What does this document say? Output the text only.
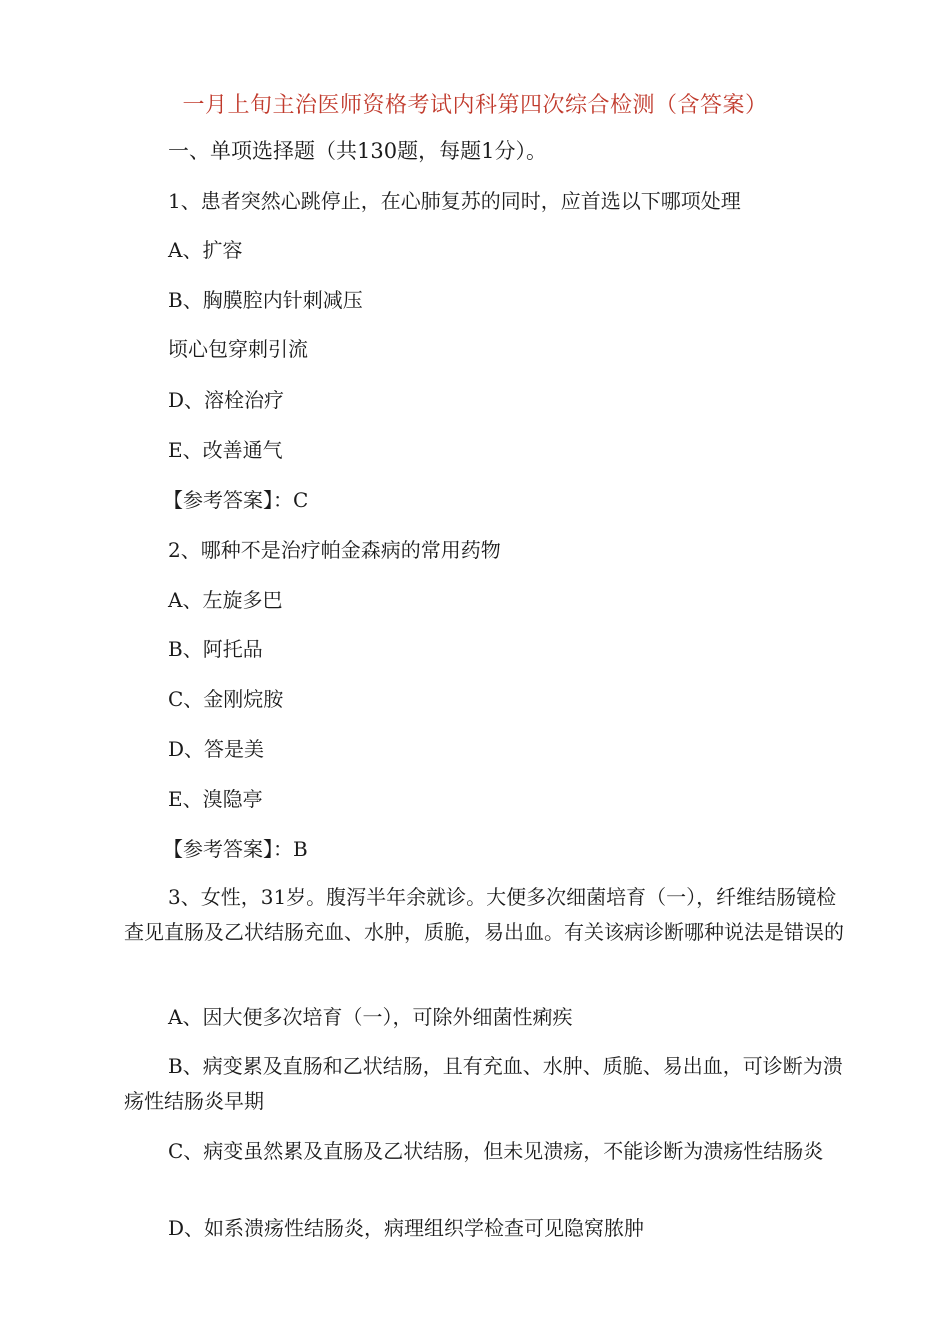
一月上旬主治医师资格考试内科第四次综合检测（含答案）
一、单项选择题（共130题，每题1分）。
1、患者突然心跳停止，在心肺复苏的同时，应首选以下哪项处理
A、扩容
B、胸膜腔内针刺减压
顷心包穿刺引流
D、溶栓治疗
E、改善通气
【参考答案】：C
2、哪种不是治疗帕金森病的常用药物
A、左旋多巴
B、阿托品
C、金刚烷胺
D、答是美
E、溴隐亭
【参考答案】：B
3、女性，31岁。腹泻半年余就诊。大便多次细菌培育（一），纤维结肠镜检查见直肠及乙状结肠充血、水肿，质脆，易出血。有关该病诊断哪种说法是错误的
A、因大便多次培育（一），可除外细菌性痢疾
B、病变累及直肠和乙状结肠，且有充血、水肿、质脆、易出血，可诊断为溃疡性结肠炎早期
C、病变虽然累及直肠及乙状结肠，但未见溃疡，不能诊断为溃疡性结肠炎
D、如系溃疡性结肠炎，病理组织学检查可见隐窝脓肿
